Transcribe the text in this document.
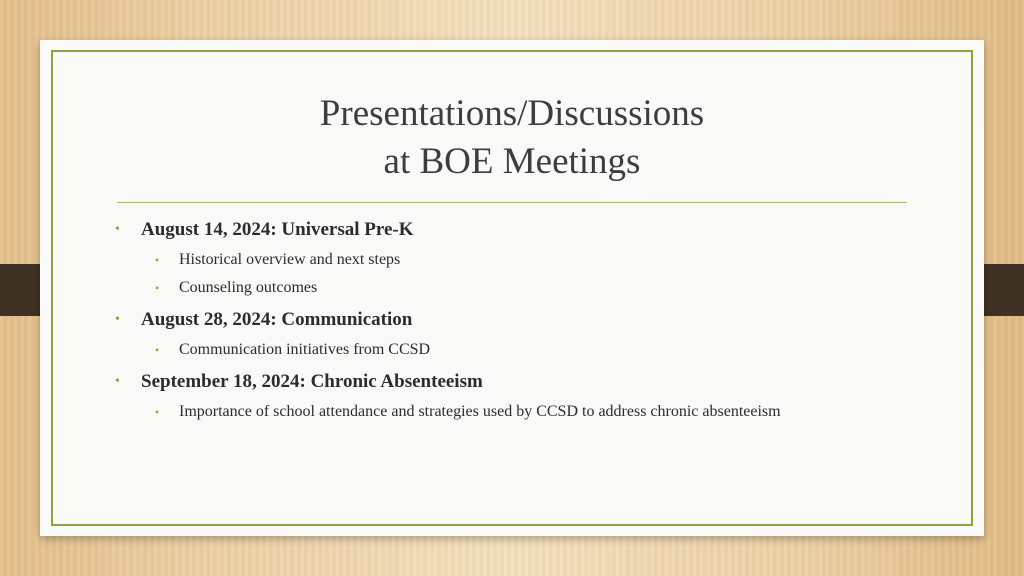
Presentations/Discussions
at BOE Meetings
• August 14, 2024: Universal Pre-K
• Historical overview and next steps
• Counseling outcomes
• August 28, 2024: Communication
• Communication initiatives from CCSD
• September 18, 2024: Chronic Absenteeism
• Importance of school attendance and strategies used by CCSD to address chronic absenteeism
